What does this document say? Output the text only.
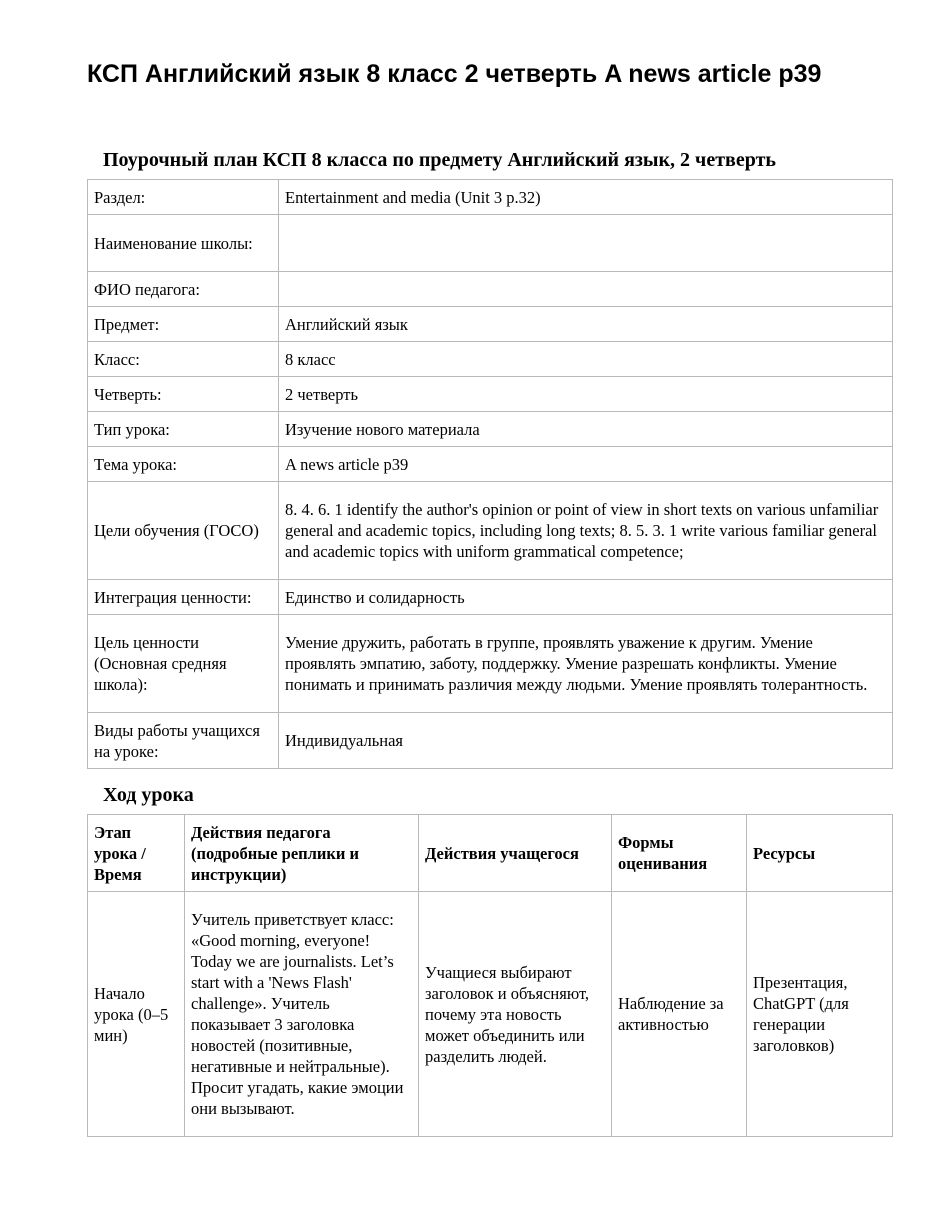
КСП Английский язык 8 класс 2 четверть A news article p39
Поурочный план КСП 8 класса по предмету Английский язык, 2 четверть
Раздел:	Entertainment and media (Unit 3 p.32)
Наименование школы:	
ФИО педагога:	
Предмет:	Английский язык
Класс:	8 класс
Четверть:	2 четверть
Тип урока:	Изучение нового материала
Тема урока:	A news article p39
Цели обучения (ГОСО)	8. 4. 6. 1 identify the author's opinion or point of view in short texts on various unfamiliar general and academic topics, including long texts; 8. 5. 3. 1 write various familiar general and academic topics with uniform grammatical competence;
Интеграция ценности:	Единство и солидарность
Цель ценности (Основная средняя школа):	Умение дружить, работать в группе, проявлять уважение к другим. Умение проявлять эмпатию, заботу, поддержку. Умение разрешать конфликты. Умение понимать и принимать различия между людьми. Умение проявлять толерантность.
Виды работы учащихся на уроке:	Индивидуальная
Ход урока
Этап урока / Время	Действия педагога (подробные реплики и инструкции)	Действия учащегося	Формы оценивания	Ресурсы
Начало урока (0–5 мин)	Учитель приветствует класс: «Good morning, everyone! Today we are journalists. Let’s start with a 'News Flash' challenge». Учитель показывает 3 заголовка новостей (позитивные, негативные и нейтральные). Просит угадать, какие эмоции они вызывают.	Учащиеся выбирают заголовок и объясняют, почему эта новость может объединить или разделить людей.	Наблюдение за активностью	Презентация, ChatGPT (для генерации заголовков)
